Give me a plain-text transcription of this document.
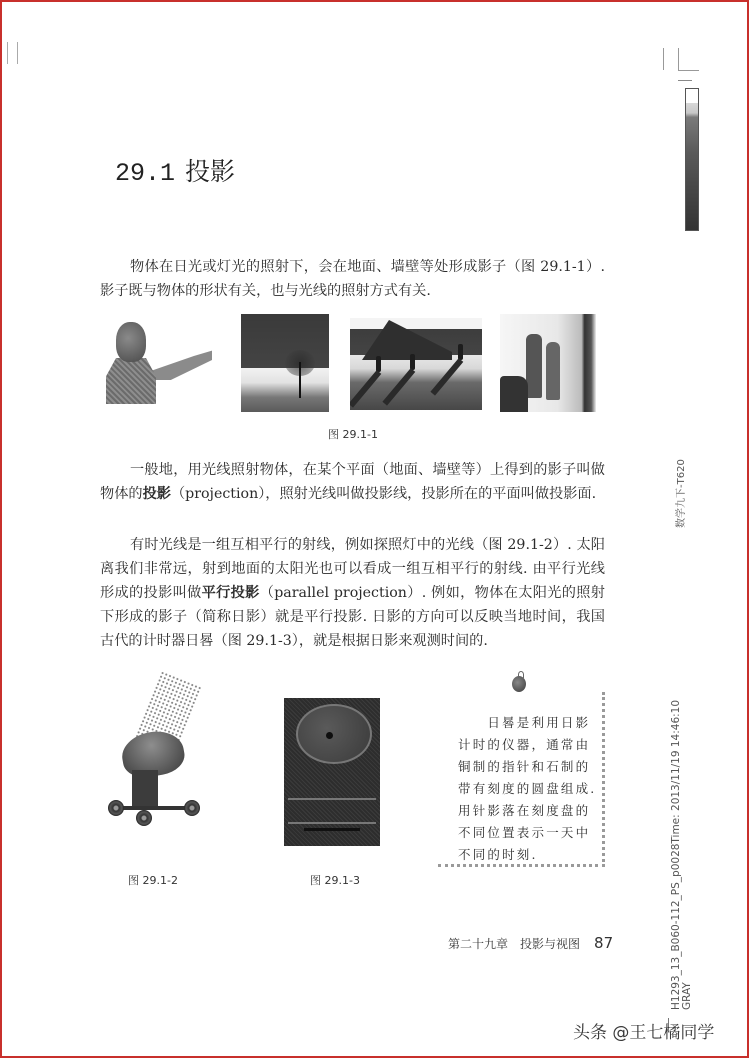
29.1 投影

物体在日光或灯光的照射下，会在地面、墙壁等处形成影子（图 29.1-1）.影子既与物体的形状有关，也与光线的照射方式有关.

图 29.1-1

一般地，用光线照射物体，在某个平面（地面、墙壁等）上得到的影子叫做物体的投影（projection），照射光线叫做投影线，投影所在的平面叫做投影面.

有时光线是一组互相平行的射线，例如探照灯中的光线（图 29.1-2）. 太阳离我们非常远，射到地面的太阳光也可以看成一组互相平行的射线. 由平行光线形成的投影叫做平行投影（parallel projection）. 例如，物体在太阳光的照射下形成的影子（简称日影）就是平行投影. 日影的方向可以反映当地时间，我国古代的计时器日晷（图 29.1-3），就是根据日影来观测时间的.

图 29.1-2	图 29.1-3

　　日晷是利用日影

计时的仪器，通常由

铜制的指针和石制的

带有刻度的圆盘组成.

用针影落在刻度盘的

不同位置表示一天中

不同的时刻.

数学九下-T620
H1293_13_B060-112_PS_p0028Time: 2013/11/19 14:46:10 GRAY
第二十九章 投影与视图 87
头条 @王七橘同学
